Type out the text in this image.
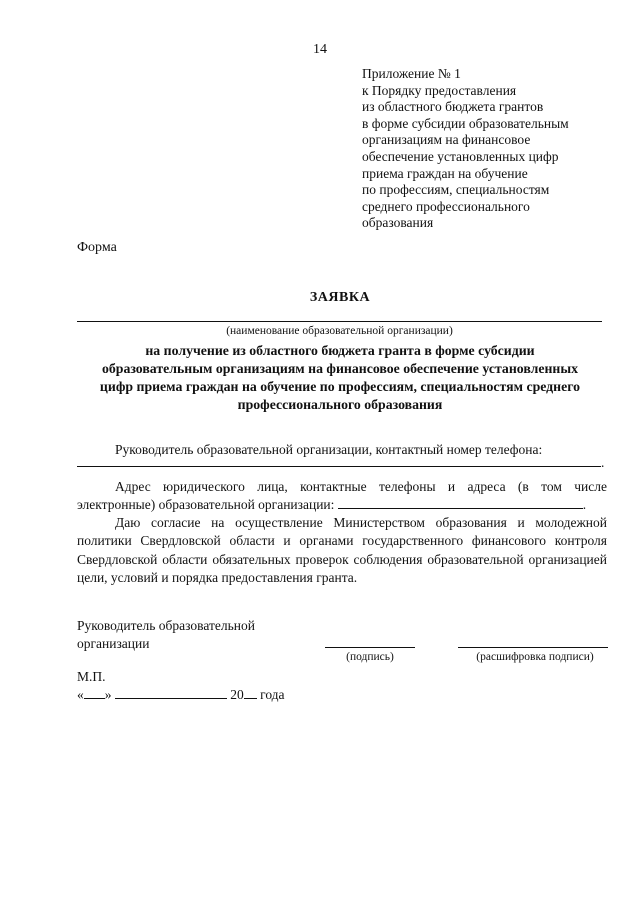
14
Приложение № 1
к Порядку предоставления
из областного бюджета грантов
в форме субсидии образовательным
организациям на финансовое
обеспечение установленных цифр
приема граждан на обучение
по профессиям, специальностям
среднего профессионального
образования
Форма
ЗАЯВКА
(наименование образовательной организации)
на получение из областного бюджета гранта в форме субсидии
образовательным организациям на финансовое обеспечение установленных
цифр приема граждан на обучение по профессиям, специальностям среднего
профессионального образования
Руководитель образовательной организации, контактный номер телефона:
.
Адрес юридического лица, контактные телефоны и адреса (в том числе электронные) образовательной организации:	.
Даю согласие на осуществление Министерством образования и молодежной политики Свердловской области и органами государственного финансового контроля Свердловской области обязательных проверок соблюдения образовательной организацией цели, условий и порядка предоставления гранта.
Руководитель образовательной
организации
(подпись)	(расшифровка подписи)
М.П.
« »	20 года
